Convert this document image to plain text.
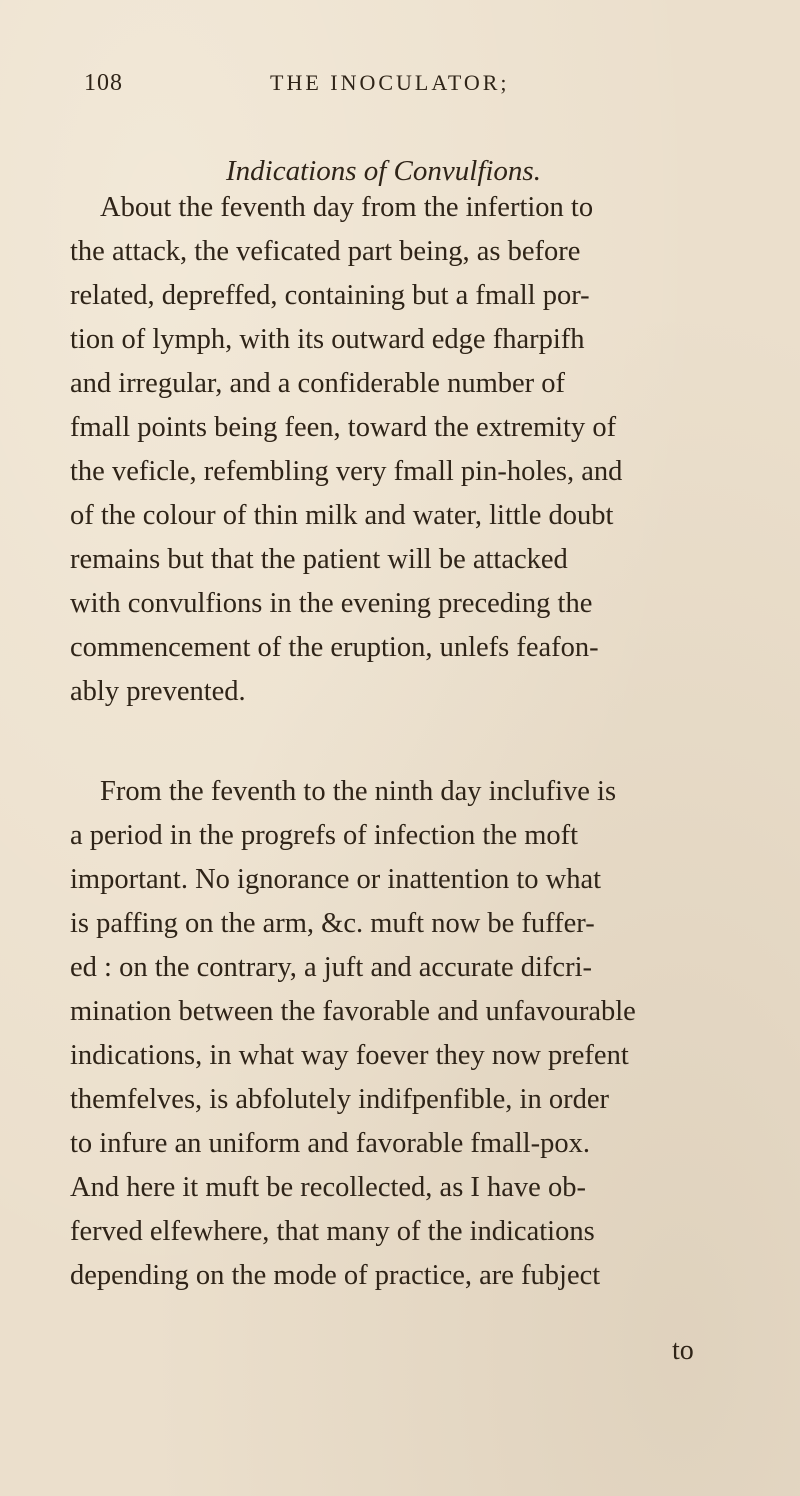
108	THE INOCULATOR;
Indications of Convulfions.
About the feventh day from the infertion to
the attack, the veficated part being, as before
related, depreffed, containing but a fmall por-
tion of lymph, with its outward edge fharpifh
and irregular, and a confiderable number of
fmall points being feen, toward the extremity of
the veficle, refembling very fmall pin-holes, and
of the colour of thin milk and water, little doubt
remains but that the patient will be attacked
with convulfions in the evening preceding the
commencement of the eruption, unlefs feafon-
ably prevented.
From the feventh to the ninth day inclufive is
a period in the progrefs of infection the moft
important. No ignorance or inattention to what
is paffing on the arm, &c. muft now be fuffer-
ed : on the contrary, a juft and accurate difcri-
mination between the favorable and unfavourable
indications, in what way foever they now prefent
themfelves, is abfolutely indifpenfible, in order
to infure an uniform and favorable fmall-pox.
And here it muft be recollected, as I have ob-
ferved elfewhere, that many of the indications
depending on the mode of practice, are fubject
to
